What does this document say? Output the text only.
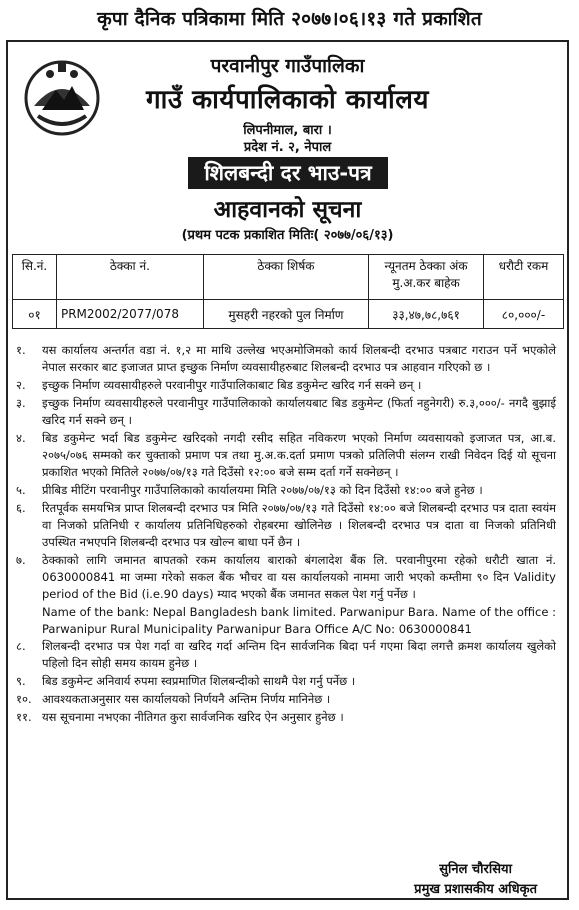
कृपा दैनिक पत्रिकामा मिति २०७७।०६।१३ गते प्रकाशित
परवानीपुर गाउँपालिका
गाउँ कार्यपालिकाको कार्यालय
लिपनीमाल, बारा ।
प्रदेश नं. २, नेपाल
शिलबन्दी दर भाउ-पत्र
आहवानको सूचना
(प्रथम पटक प्रकाशित मितिः( २०७७/०६/१३)
सि.नं.	ठेक्का नं.	ठेक्का शिर्षक	न्यूनतम ठेक्का अंक मु.अ.कर बाहेक	धरौटी रकम
०१	PRM2002/2077/078	मुसहरी नहरको पुल निर्माण	३३,४७,७८,७६१	८०,०००/-
१.	यस कार्यालय अन्तर्गत वडा नं. १,२ मा माथि उल्लेख भएअमोजिमको कार्य शिलबन्दी दरभाउ पत्रबाट गराउन पर्ने भएकोले नेपाल सरकार बाट इजाजत प्राप्त इच्छुक निर्माण व्यवसायीहरुबाट शिलबन्दी दरभाउ पत्र आहवान गरिएको छ ।
२.	इच्छुक निर्माण व्यवसायीहरुले परवानीपुर गाउँपालिकाबाट बिड डकुमेन्ट खरिद गर्न सक्ने छन् ।
३.	इच्छुक निर्माण व्यवसायीहरुले परवानीपुर गाउँपालिकाको कार्यालयबाट बिड डकुमेन्ट (फिर्ता नहुनेगरी) रु.३,०००/- नगदै बुझाई खरिद गर्न सक्ने छन् ।
४.	बिड डकुमेन्ट भर्दा बिड डकुमेन्ट खरिदको नगदी रसीद सहित नविकरण भएको निर्माण व्यवसायको इजाजत पत्र, आ.ब. २०७५/०७६ सम्मको कर चुक्ताको प्रमाण पत्र तथा मु.अ.क.दर्ता प्रमाण पत्रको प्रतिलिपी संलग्न राखी निवेदन दिई यो सूचना प्रकाशित भएको मितिले २०७७/०७/१३ गते दिउँसो १२:०० बजे सम्म दर्ता गर्ने सक्नेछन् ।
५.	प्रीबिड मीटिंग परवानीपुर गाउँपालिकाको कार्यालयमा मिति २०७७/०७/१३ को दिन दिउँसो १४:०० बजे हुनेछ ।
६.	रितपूर्वक समयभित्र प्राप्त शिलबन्दी दरभाउ पत्र मिति २०७७/०७/१३ गते दिउँसो १४:०० बजे शिलबन्दी दरभाउ पत्र दाता स्वयंम वा निजको प्रतिनिधी र कार्यालय प्रतिनिधिहरुको रोहबरमा खोलिनेछ । शिलबन्दी दरभाउ पत्र दाता वा निजको प्रतिनिधी उपस्थित नभएपनि शिलबन्दी दरभाउ पत्र खोल्न बाधा पर्ने छैन ।
७.	ठेक्काको लागि जमानत बापतको रकम कार्यालय बाराको बंगलादेश बैंक लि. परवानीपुरमा रहेको धरौटी खाता नं. 0630000841 मा जम्मा गरेको सकल बैंक भौचर वा यस कार्यालयको नाममा जारी भएको कम्तीमा ९० दिन Validity period of the Bid (i.e.90 days) म्याद भएको बैंक जमानत सकल पेश गर्नु पर्नेछ ।
Name of the bank: Nepal Bangladesh bank limited. Parwanipur Bara. Name of the office : Parwanipur Rural Municipality Parwanipur Bara Office A/C No: 0630000841
८.	शिलबन्दी दरभाउ पत्र पेश गर्दा वा खरिद गर्दा अन्तिम दिन सार्वजनिक बिदा पर्न गएमा बिदा लगत्तै क्रमश कार्यालय खुलेको पहिलो दिन सोही समय कायम हुनेछ ।
९.	बिड डकुमेन्ट अनिवार्य रुपमा स्वप्रमाणित शिलबन्दीको साथमै पेश गर्नु पर्नेछ ।
१०. आवश्यकताअनुसार यस कार्यालयको निर्णयनै अन्तिम निर्णय मानिनेछ ।
११. यस सूचनामा नभएका नीतिगत कुरा सार्वजनिक खरिद ऐन अनुसार हुनेछ ।
सुनिल चौरसिया
प्रमुख प्रशासकीय अधिकृत
